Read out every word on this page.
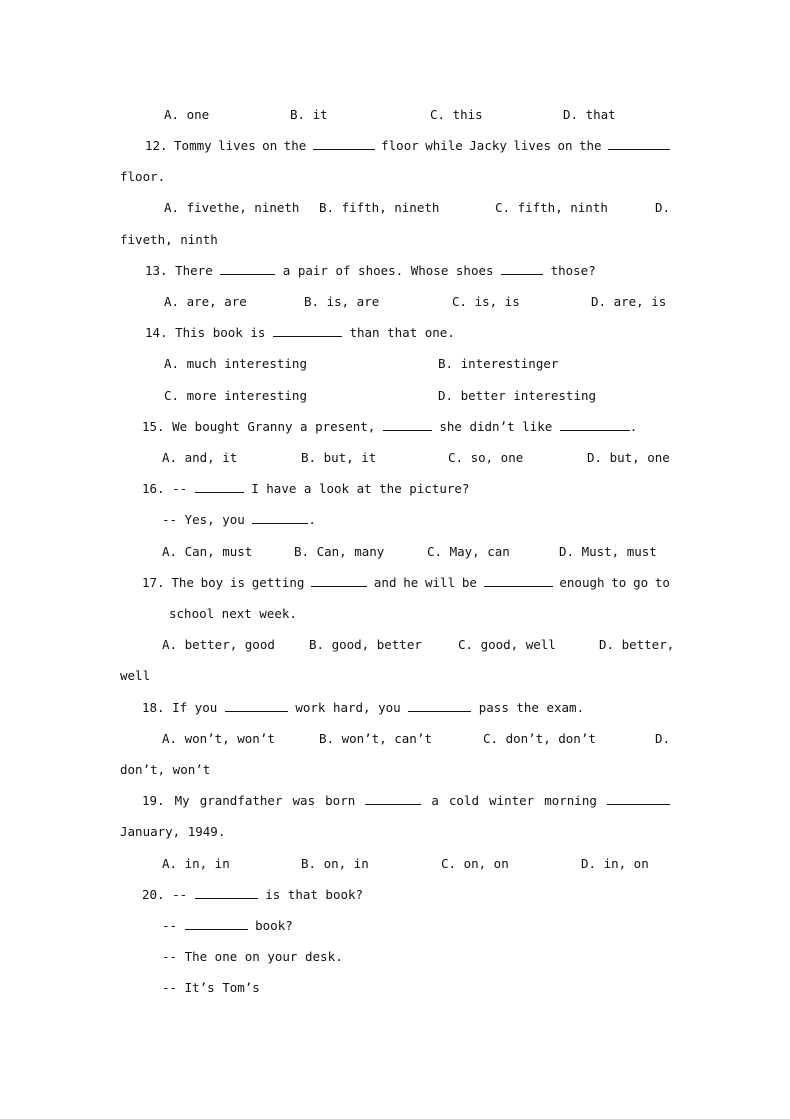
A. one

	B. it

	C. this

	D. that

12. Tommy lives on the	floor while Jacky lives on the
floor.

A. fivethe, nineth

B. fifth, nineth

	C. fifth, ninth

	D.

fiveth, ninth
13. There	a pair of shoes. Whose shoes	those?

A. are, are

	B. is, are

	C. is, is

	D. are, is

14. This book is	than that one.

A. much interesting

	B. interestinger

C. more interesting

	D. better interesting

15. We bought Granny a present,	she didn’t like	.

A. and, it

	B. but, it

	C. so, one

	D. but, one

16. --	I have a look at the picture?
-- Yes, you	.

A. Can, must

	B. Can, many

	C. May, can

	D. Must, must

17. The boy is getting	and he will be	enough to go to
school next week.

A. better, good

	B. good, better

	C. good, well

	D. better,

well
18. If you	work hard, you	pass the exam.

A. won’t, won’t

	B. won’t, can’t

	C. don’t, don’t

	D.

don’t, won’t
19. My grandfather was born	a cold winter morning
January, 1949.

A. in, in

	B. on, in

	C. on, on

	D. in, on

20. --	is that book?
--	book?
-- The one on your desk.
-- It’s Tom’s
